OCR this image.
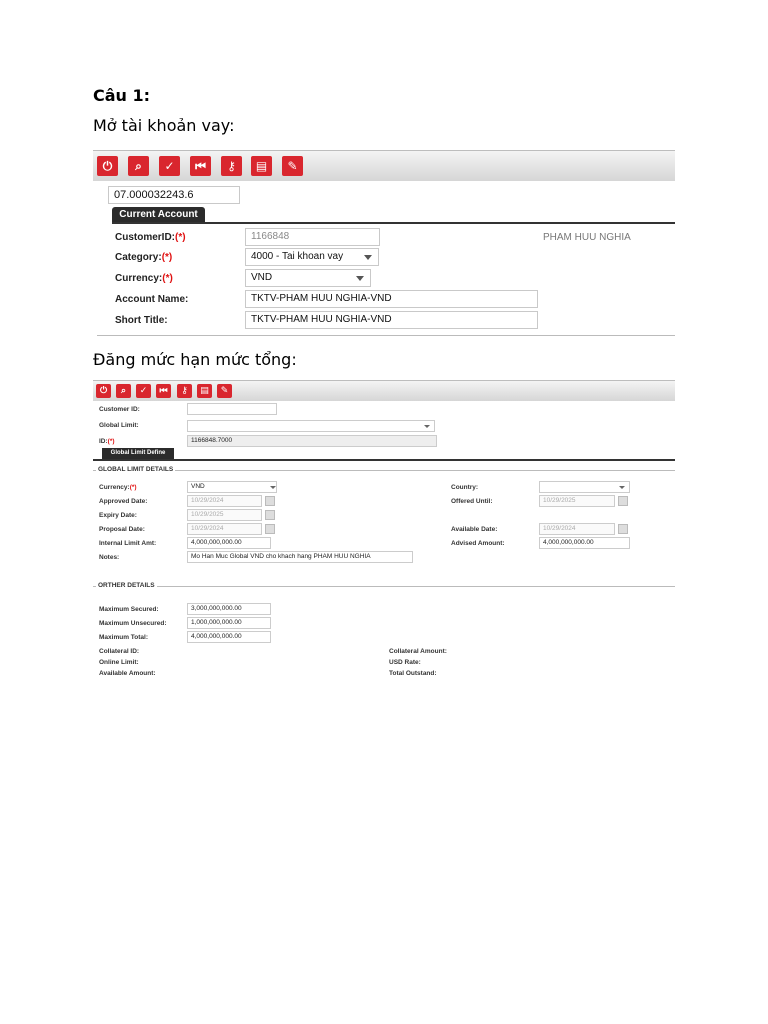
Câu 1:
Mở tài khoản vay:
⏻	⌕	✓	⏮	⚷	▤	✎
07.000032243.6
Current Account
CustomerID:(*)	1166848	PHAM HUU NGHIA
Category:(*)	4000 - Tai khoan vay
Currency:(*)	VND
Account Name:	TKTV-PHAM HUU NGHIA-VND
Short Title:	TKTV-PHAM HUU NGHIA-VND
Đăng mức hạn mức tổng:
⏻	⌕	✓	⏮	⚷	▤	✎
Customer ID:
Global Limit:
ID:(*)	1166848.7000
Global Limit Define
GLOBAL LIMIT DETAILS
Currency:(*)	VND	Country:
Approved Date:	10/29/2024	Offered Until:	10/29/2025
Expiry Date:	10/29/2025
Proposal Date:	10/29/2024	Available Date:	10/29/2024
Internal Limit Amt:	4,000,000,000.00	Advised Amount:	4,000,000,000.00
Notes:	Mo Han Muc Global VND cho khach hang PHAM HUU NGHIA
ORTHER DETAILS
Maximum Secured:	3,000,000,000.00
Maximum Unsecured:	1,000,000,000.00
Maximum Total:	4,000,000,000.00
Collateral ID:	Collateral Amount:
Online Limit:	USD Rate:
Available Amount:	Total Outstand:
